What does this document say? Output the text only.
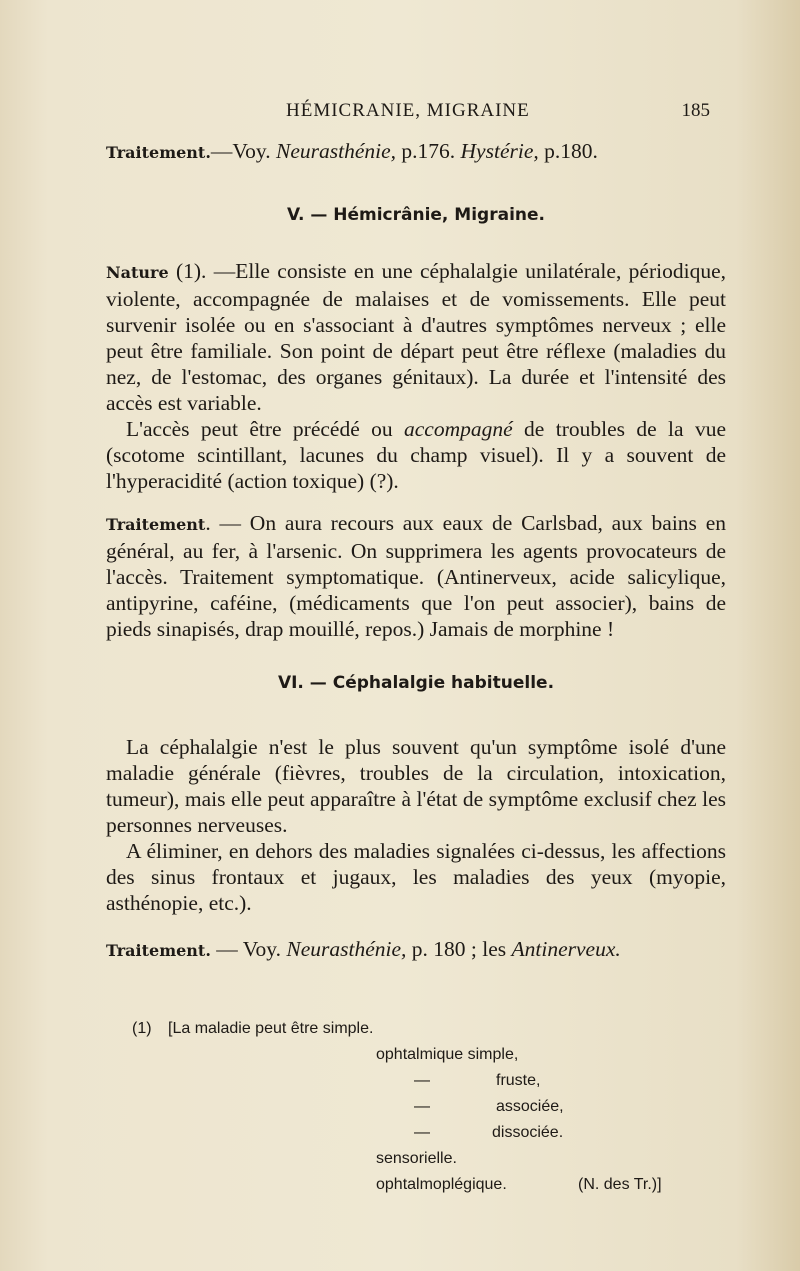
HÉMICRANIE, MIGRAINE	185

Traitement.—Voy. Neurasthénie, p.176. Hystérie, p.180.

V. — Hémicrânie, Migraine.

Nature (1). —Elle consiste en une céphalalgie unilatérale, périodique, violente, accompagnée de malaises et de vomissements. Elle peut survenir isolée ou en s'associant à d'autres symptômes nerveux ; elle peut être familiale. Son point de départ peut être réflexe (maladies du nez, de l'estomac, des organes génitaux). La durée et l'intensité des accès est variable.

L'accès peut être précédé ou accompagné de troubles de la vue (scotome scintillant, lacunes du champ visuel). Il y a souvent de l'hyperacidité (action toxique) (?).

Traitement. — On aura recours aux eaux de Carlsbad, aux bains en général, au fer, à l'arsenic. On supprimera les agents provocateurs de l'accès. Traitement symptomatique. (Antinerveux, acide salicylique, antipyrine, caféine, (médicaments que l'on peut associer), bains de pieds sinapisés, drap mouillé, repos.) Jamais de morphine !

VI. — Céphalalgie habituelle.

La céphalalgie n'est le plus souvent qu'un symptôme isolé d'une maladie générale (fièvres, troubles de la circulation, intoxication, tumeur), mais elle peut apparaître à l'état de symptôme exclusif chez les personnes nerveuses.

A éliminer, en dehors des maladies signalées ci-dessus, les affections des sinus frontaux et jugaux, les maladies des yeux (myopie, asthénopie, etc.).

Traitement. — Voy. Neurasthénie, p. 180 ; les Antinerveux.

(1) [La maladie peut être simple.
ophtalmique simple,
—	fruste,
—	associée,
—	dissociée.
sensorielle.
ophtalmoplégique.	(N. des Tr.)]
